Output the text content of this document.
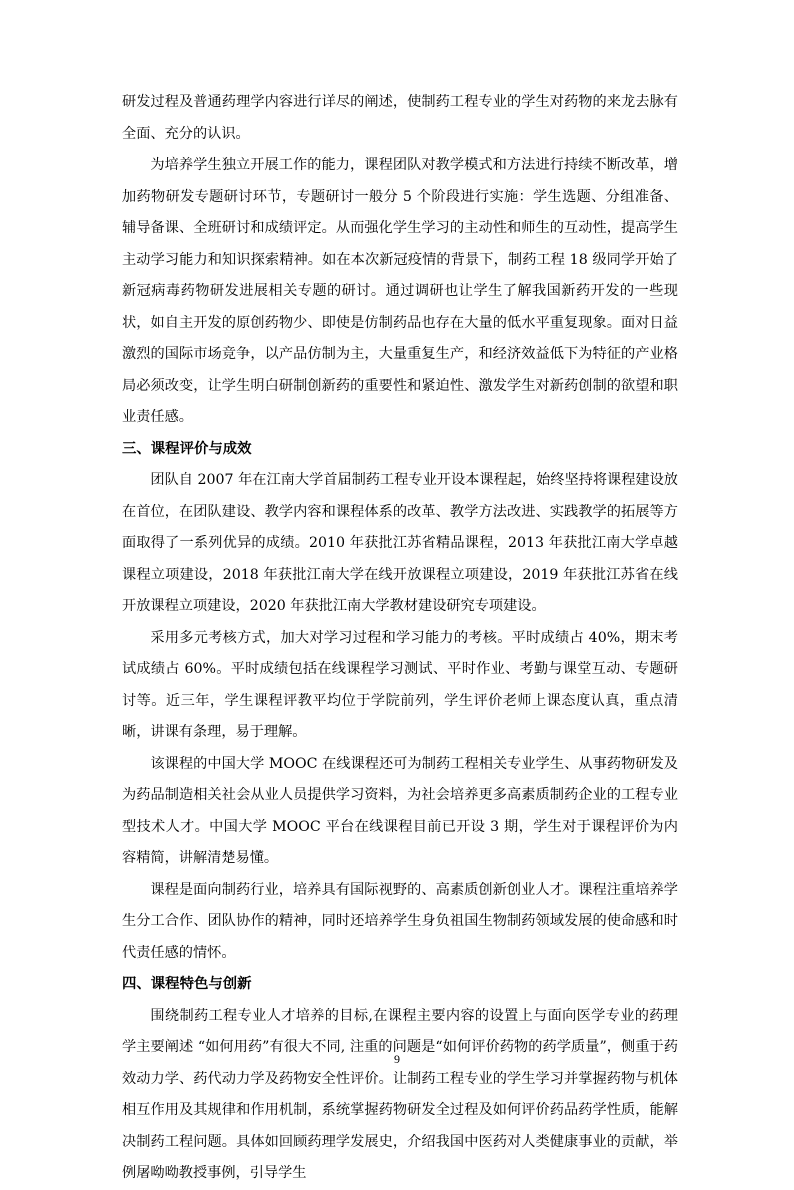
研发过程及普通药理学内容进行详尽的阐述，使制药工程专业的学生对药物的来龙去脉有全面、充分的认识。

为培养学生独立开展工作的能力，课程团队对教学模式和方法进行持续不断改革，增加药物研发专题研讨环节，专题研讨一般分 5 个阶段进行实施：学生选题、分组准备、辅导备课、全班研讨和成绩评定。从而强化学生学习的主动性和师生的互动性，提高学生主动学习能力和知识探索精神。如在本次新冠疫情的背景下，制药工程 18 级同学开始了新冠病毒药物研发进展相关专题的研讨。通过调研也让学生了解我国新药开发的一些现状，如自主开发的原创药物少、即使是仿制药品也存在大量的低水平重复现象。面对日益激烈的国际市场竞争，以产品仿制为主，大量重复生产，和经济效益低下为特征的产业格局必须改变，让学生明白研制创新药的重要性和紧迫性、激发学生对新药创制的欲望和职业责任感。

三、课程评价与成效

团队自 2007 年在江南大学首届制药工程专业开设本课程起，始终坚持将课程建设放在首位，在团队建设、教学内容和课程体系的改革、教学方法改进、实践教学的拓展等方面取得了一系列优异的成绩。2010 年获批江苏省精品课程，2013 年获批江南大学卓越课程立项建设，2018 年获批江南大学在线开放课程立项建设，2019 年获批江苏省在线开放课程立项建设，2020 年获批江南大学教材建设研究专项建设。

采用多元考核方式，加大对学习过程和学习能力的考核。平时成绩占 40%，期末考试成绩占 60%。平时成绩包括在线课程学习测试、平时作业、考勤与课堂互动、专题研讨等。近三年，学生课程评教平均位于学院前列，学生评价老师上课态度认真，重点清晰，讲课有条理，易于理解。

该课程的中国大学 MOOC 在线课程还可为制药工程相关专业学生、从事药物研发及为药品制造相关社会从业人员提供学习资料，为社会培养更多高素质制药企业的工程专业型技术人才。中国大学 MOOC 平台在线课程目前已开设 3 期，学生对于课程评价为内容精简，讲解清楚易懂。

课程是面向制药行业，培养具有国际视野的、高素质创新创业人才。课程注重培养学生分工合作、团队协作的精神，同时还培养学生身负祖国生物制药领域发展的使命感和时代责任感的情怀。

四、课程特色与创新

围绕制药工程专业人才培养的目标,在课程主要内容的设置上与面向医学专业的药理学主要阐述 “如何用药”有很大不同, 注重的问题是“如何评价药物的药学质量”，侧重于药效动力学、药代动力学及药物安全性评价。让制药工程专业的学生学习并掌握药物与机体相互作用及其规律和作用机制，系统掌握药物研发全过程及如何评价药品药学性质，能解决制药工程问题。具体如回顾药理学发展史，介绍我国中医药对人类健康事业的贡献，举例屠呦呦教授事例，引导学生

9
